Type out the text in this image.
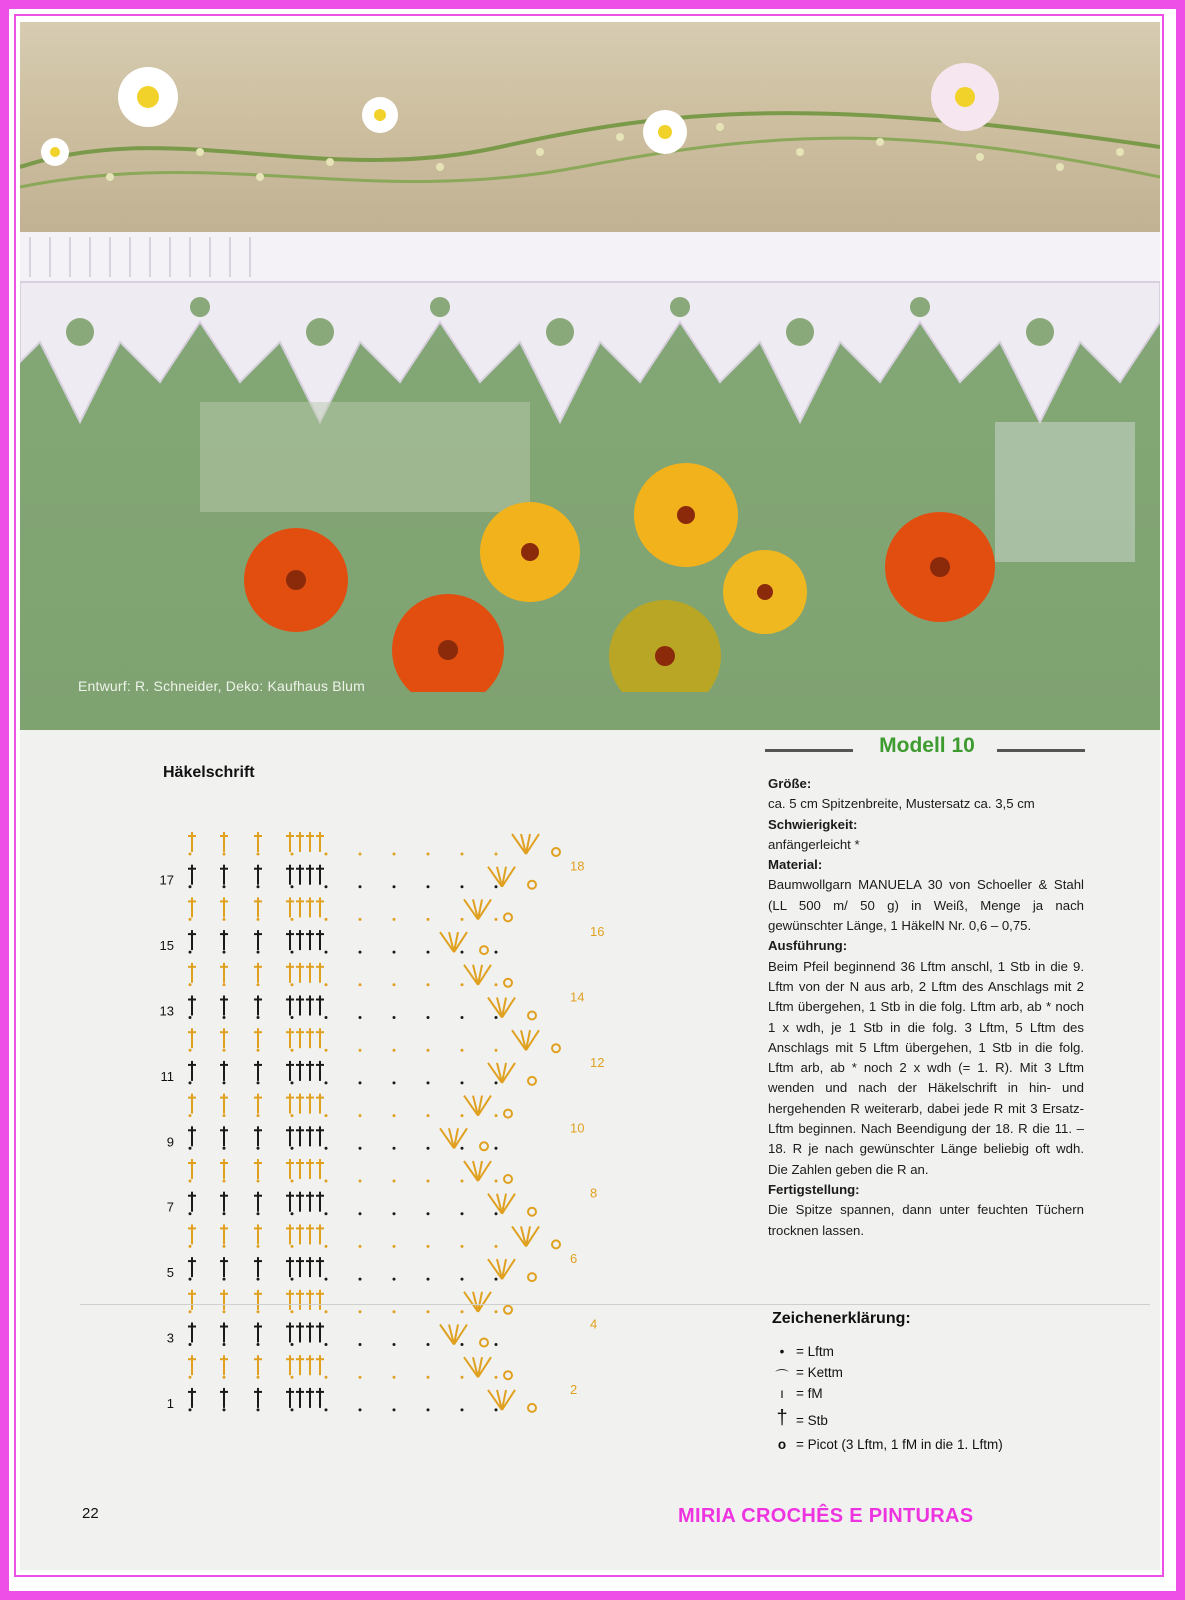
Entwurf: R. Schneider, Deko: Kaufhaus Blum
Häkelschrift
17
15
13
11
9
7
5
3
1
18
16
14
12
10
8
6
4
2
Modell 10

Größe:

ca. 5 cm Spitzenbreite, Mustersatz ca. 3,5 cm

Schwierigkeit:

anfängerleicht *

Material:

Baumwollgarn MANUELA 30 von Schoeller & Stahl (LL 500 m/ 50 g) in Weiß, Menge ja nach gewünschter Länge, 1 HäkelN Nr. 0,6 – 0,75.

Ausführung:

Beim Pfeil beginnend 36 Lftm anschl, 1 Stb in die 9. Lftm von der N aus arb, 2 Lftm des Anschlags mit 2 Lftm übergehen, 1 Stb in die folg. Lftm arb, ab * noch 1 x wdh, je 1 Stb in die folg. 3 Lftm, 5 Lftm des Anschlags mit 5 Lftm übergehen, 1 Stb in die folg. Lftm arb, ab * noch 2 x wdh (= 1. R). Mit 3 Lftm wenden und nach der Häkelschrift in hin- und hergehenden R weiterarb, dabei jede R mit 3 Ersatz-Lftm beginnen. Nach Beendigung der 18. R die 11. – 18. R je nach gewünschter Länge beliebig oft wdh. Die Zahlen geben die R an.

Fertigstellung:

Die Spitze spannen, dann unter feuchten Tüchern trocknen lassen.

Zeichenerklärung:
• = Lftm
⌒ = Kettm
ı = fM
† = Stb
o = Picot (3 Lftm, 1 fM in die 1. Lftm)
22	MIRIA CROCHÊS E PINTURAS
